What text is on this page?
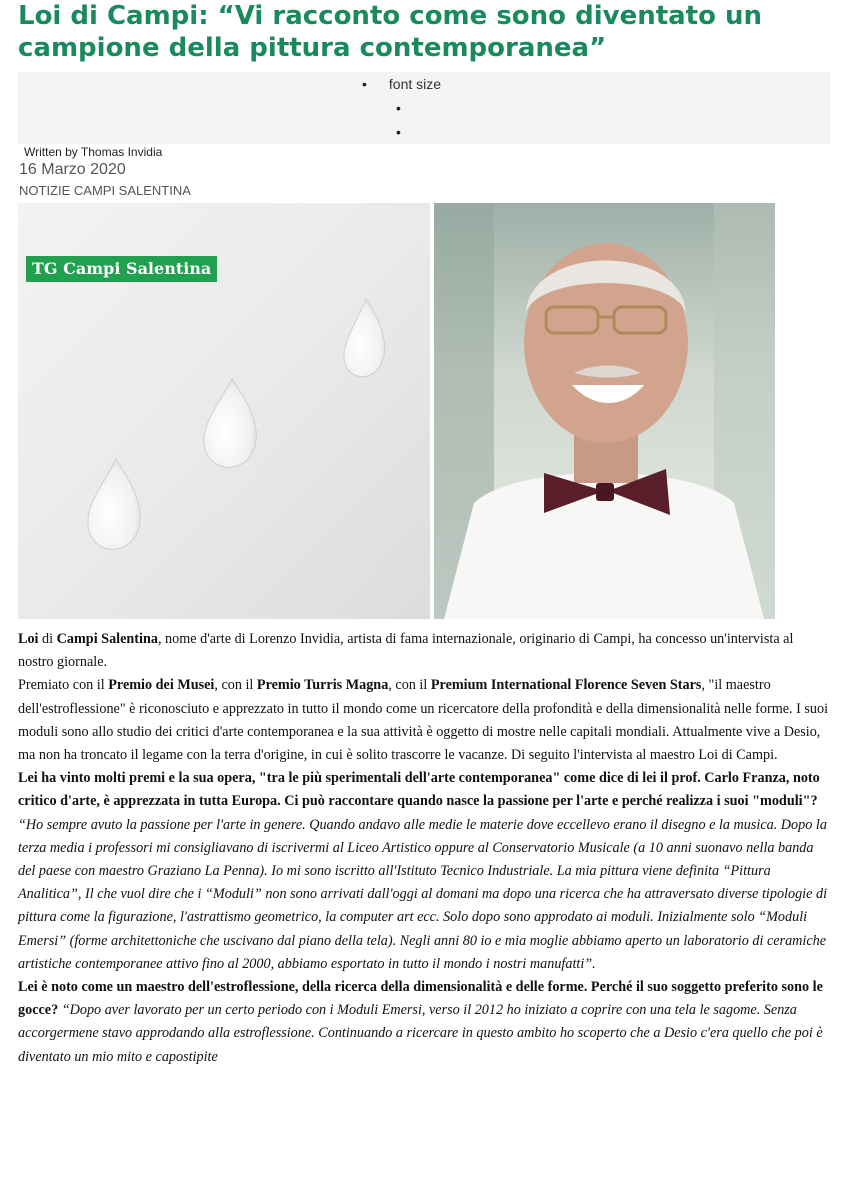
Loi di Campi: “Vi racconto come sono diventato un campione della pittura contemporanea”
• font size
•
•
Written by Thomas Invidia
16 Marzo 2020
NOTIZIE CAMPI SALENTINA
TG Campi Salentina

Loi di Campi Salentina, nome d'arte di Lorenzo Invidia, artista di fama internazionale, originario di Campi, ha concesso un'intervista al nostro giornale.

Premiato con il Premio dei Musei, con il Premio Turris Magna, con il Premium International Florence Seven Stars, "il maestro dell'estroflessione" è riconosciuto e apprezzato in tutto il mondo come un ricercatore della profondità e della dimensionalità nelle forme. I suoi moduli sono allo studio dei critici d'arte contemporanea e la sua attività è oggetto di mostre nelle capitali mondiali. Attualmente vive a Desio, ma non ha troncato il legame con la terra d'origine, in cui è solito trascorre le vacanze. Di seguito l'intervista al maestro Loi di Campi.

Lei ha vinto molti premi e la sua opera, "tra le più sperimentali dell'arte contemporanea" come dice di lei il prof. Carlo Franza, noto critico d'arte, è apprezzata in tutta Europa. Ci può raccontare quando nasce la passione per l'arte e perché realizza i suoi "moduli"? “Ho sempre avuto la passione per l'arte in genere. Quando andavo alle medie le materie dove eccellevo erano il disegno e la musica. Dopo la terza media i professori mi consigliavano di iscrivermi al Liceo Artistico oppure al Conservatorio Musicale (a 10 anni suonavo nella banda del paese con maestro Graziano La Penna). Io mi sono iscritto all'Istituto Tecnico Industriale. La mia pittura viene definita “Pittura Analitica”, Il che vuol dire che i “Moduli” non sono arrivati dall'oggi al domani ma dopo una ricerca che ha attraversato diverse tipologie di pittura come la figurazione, l'astrattismo geometrico, la computer art ecc. Solo dopo sono approdato ai moduli. Inizialmente solo “Moduli Emersi” (forme architettoniche che uscivano dal piano della tela). Negli anni 80 io e mia moglie abbiamo aperto un laboratorio di ceramiche artistiche contemporanee attivo fino al 2000, abbiamo esportato in tutto il mondo i nostri manufatti”.

Lei è noto come un maestro dell'estroflessione, della ricerca della dimensionalità e delle forme. Perché il suo soggetto preferito sono le gocce? “Dopo aver lavorato per un certo periodo con i Moduli Emersi, verso il 2012 ho iniziato a coprire con una tela le sagome. Senza accorgermene stavo approdando alla estroflessione. Continuando a ricercare in questo ambito ho scoperto che a Desio c'era quello che poi è diventato un mio mito e capostipite
